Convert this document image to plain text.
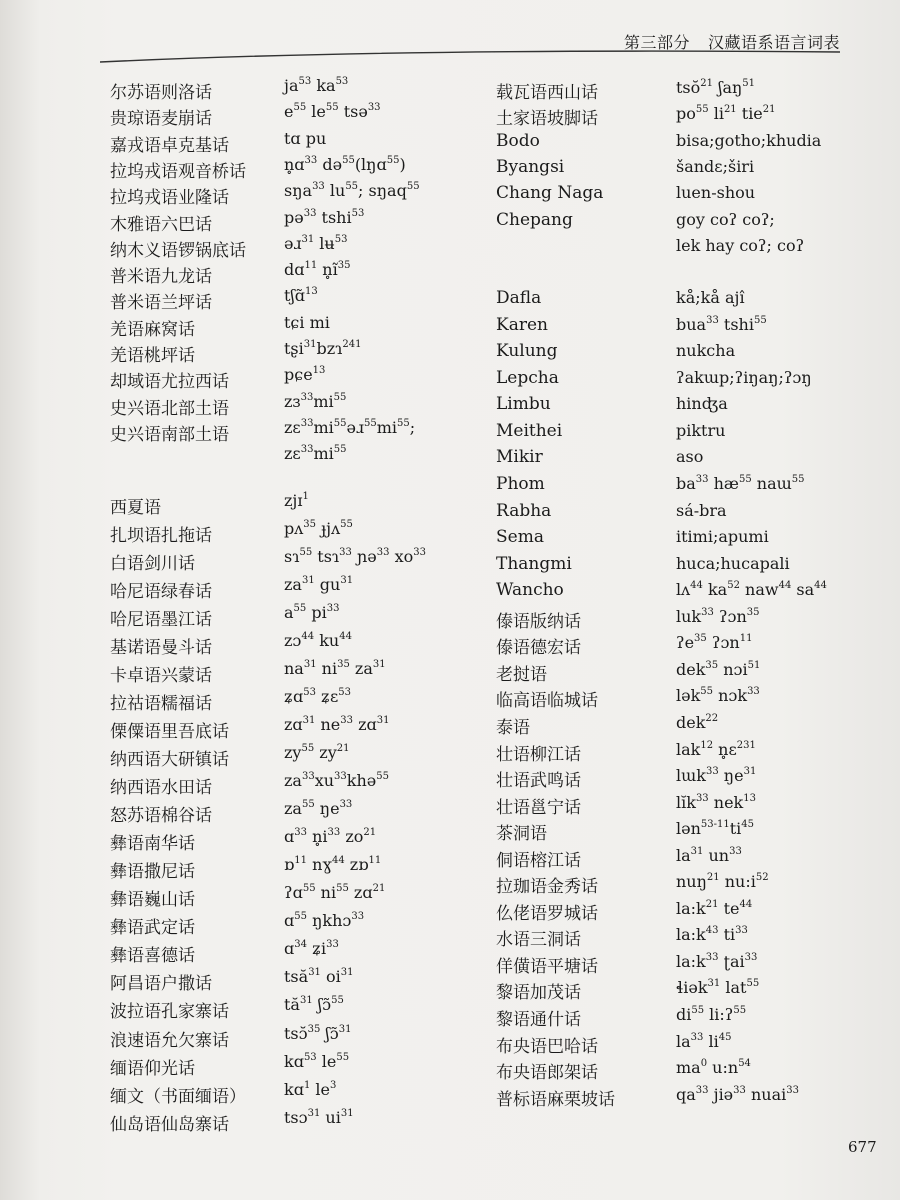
第三部分 汉藏语系语言词表
尔苏语则洛话
贵琼语麦崩话
嘉戎语卓克基话
拉坞戎语观音桥话
拉坞戎语业隆话
木雅语六巴话
纳木义语锣锅底话
普米语九龙话
普米语兰坪话
羌语麻窝话
羌语桃坪话
却域语尤拉西话
史兴语北部土语
史兴语南部土语
西夏语
扎坝语扎拖话
白语剑川话
哈尼语绿春话
哈尼语墨江话
基诺语曼斗话
卡卓语兴蒙话
拉祜语糯福话
傈僳语里吾底话
纳西语大研镇话
纳西语水田话
怒苏语棉谷话
彝语南华话
彝语撒尼话
彝语巍山话
彝语武定话
彝语喜德话
阿昌语户撒话
波拉语孔家寨话
浪速语允欠寨话
缅语仰光话
缅文（书面缅语）
仙岛语仙岛寨话
$ja^{53}$ $ka^{53}$
$e^{55}$ $le^{55}$ tsə$^{33}$
tɑ pu
n̥ɑ$^{33}$ də$^{55}$(lŋɑ$^{55}$)
sŋa$^{33}$ $lu^{55}$; sŋaq$^{55}$
pə$^{33}$ tshi$^{53}$
əɹ$^{31}$ lʉ$^{53}$
dɑ$^{11}$ $n̥ĩ^{35}$
tʃɑ̃$^{13}$
tɕi mi
tʂi$^{31}$bzɿ$^{241}$
pɕe$^{13}$
$zɜ^{33}mi^{55}$
$zɛ^{33}mi^{55}əɹ^{55}mi^{55}$;
$zɛ^{33}mi^{55}$
zjɪ$^1$
pʌ$^{35}$ ɟjʌ$^{55}$
sɿ$^{55}$ tsɿ$^{33}$ ɲə$^{33}$ $xo^{33}$
$za^{31}$ $gu^{31}$
$a^{55}$ $pi^{33}$
zɔ$^{44}$ $ku^{44}$
$na^{31}$ $ni^{35}$ $za^{31}$
ʑɑ$^{53}$ ʑɛ$^{53}$
zɑ$^{31}$ $ne^{33}$ zɑ$^{31}$
$zy^{55}$ $zy^{21}$
$za^{33}xu^{33}khə^{55}$
$za^{55}$ $ŋe^{33}$
ɑ$^{33}$ $n̥i^{33}$ $zo^{21}$
ɒ$^{11}$ nɣ$^{44}$ zɒ$^{11}$
ʔɑ$^{55}$ $ni^{55}$ zɑ$^{21}$
ɑ$^{55}$ ŋkhɔ$^{33}$
ɑ$^{34}$ ʑi$^{33}$
tsă$^{31}$ $oi^{31}$
$tă^{31}$ ʃɔ̃$^{55}$
tsɔ̆$^{35}$ ʃɔ̃$^{31}$
kɑ$^{53}$ $le^{55}$
kɑ$^1$ $le^3$
tsɔ$^{31}$ $ui^{31}$
载瓦语西山话
土家语坡脚话
Bodo
Byangsi
Chang Naga
Chepang
Dafla
Karen
Kulung
Lepcha
Limbu
Meithei
Mikir
Phom
Rabha
Sema
Thangmi
Wancho
傣语版纳话
傣语德宏话
老挝语
临高语临城话
泰语
壮语柳江话
壮语武鸣话
壮语邕宁话
茶洞语
侗语榕江话
拉珈语金秀话
仫佬语罗城话
水语三洞话
佯僙语平塘话
黎语加茂话
黎语通什话
布央语巴哈话
布央语郎架话
普标语麻栗坡话
tsŏ$^{21}$ ʃaŋ$^{51}$
$po^{55}$ $li^{21}$ tie$^{21}$
bisa;gotho;khudia
šandɛ;širi
luen-shou
goy coʔ coʔ;
lek hay coʔ; coʔ
kå;kå ajî
bua$^{33}$ tshi$^{55}$
nukcha
ʔakɯp;ʔiŋaŋ;ʔɔŋ
hinʤa
piktru
aso
$ba^{33}$ $hæ^{55}$ naɯ$^{55}$
sá-bra
itimi;apumi
huca;hucapali
lʌ$^{44}$ $ka^{52}$ naw$^{44}$ $sa^{44}$
luk$^{33}$ ʔɔn$^{35}$
ʔe$^{35}$ ʔɔn$^{11}$
dek$^{35}$ nɔi$^{51}$
lək$^{55}$ nɔk$^{33}$
dek$^{22}$
lak$^{12}$ n̥ɛ$^{231}$
lɯk$^{33}$ $ŋe^{31}$
lĭk$^{33}$ nek$^{13}$
$lən^{53-11}ti^{45}$
$la^{31}$ $un^{33}$
nuŋ$^{21}$ $nu:i^{52}$
$la:k^{21}$ $te^{44}$
$la:k^{43}$ $ti^{33}$
$la:k^{33}$ ʈai$^{33}$
ɬiək$^{31}$ lat$^{55}$
$di^{55}$ li:ʔ$^{55}$
$la^{33}$ $li^{45}$
$ma^0$ $u:n^{54}$
$qa^{33}$ jiə$^{33}$ nuai$^{33}$
677
